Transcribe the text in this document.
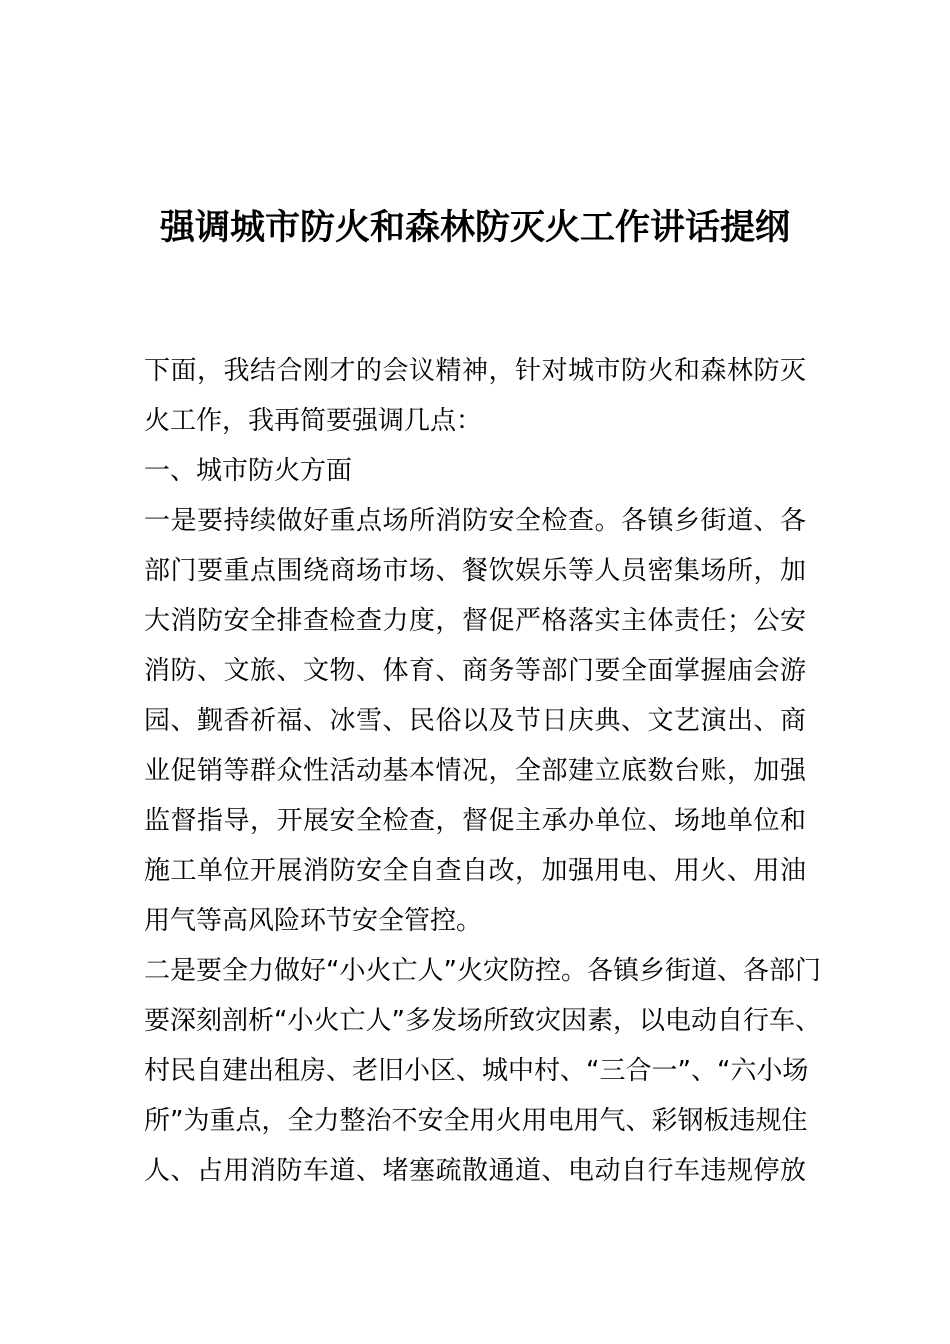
强调城市防火和森林防灭火工作讲话提纲
下面，我结合刚才的会议精神，针对城市防火和森林防灭
火工作，我再简要强调几点：
一、城市防火方面
一是要持续做好重点场所消防安全检查。各镇乡街道、各
部门要重点围绕商场市场、餐饮娱乐等人员密集场所，加
大消防安全排查检查力度，督促严格落实主体责任；公安
消防、文旅、文物、体育、商务等部门要全面掌握庙会游
园、觐香祈福、冰雪、民俗以及节日庆典、文艺演出、商
业促销等群众性活动基本情况，全部建立底数台账，加强
监督指导，开展安全检查，督促主承办单位、场地单位和
施工单位开展消防安全自查自改，加强用电、用火、用油
用气等高风险环节安全管控。
二是要全力做好“小火亡人”火灾防控。各镇乡街道、各部门
要深刻剖析“小火亡人”多发场所致灾因素，以电动自行车、
村民自建出租房、老旧小区、城中村、“三合一”、“六小场
所”为重点，全力整治不安全用火用电用气、彩钢板违规住
人、占用消防车道、堵塞疏散通道、电动自行车违规停放
